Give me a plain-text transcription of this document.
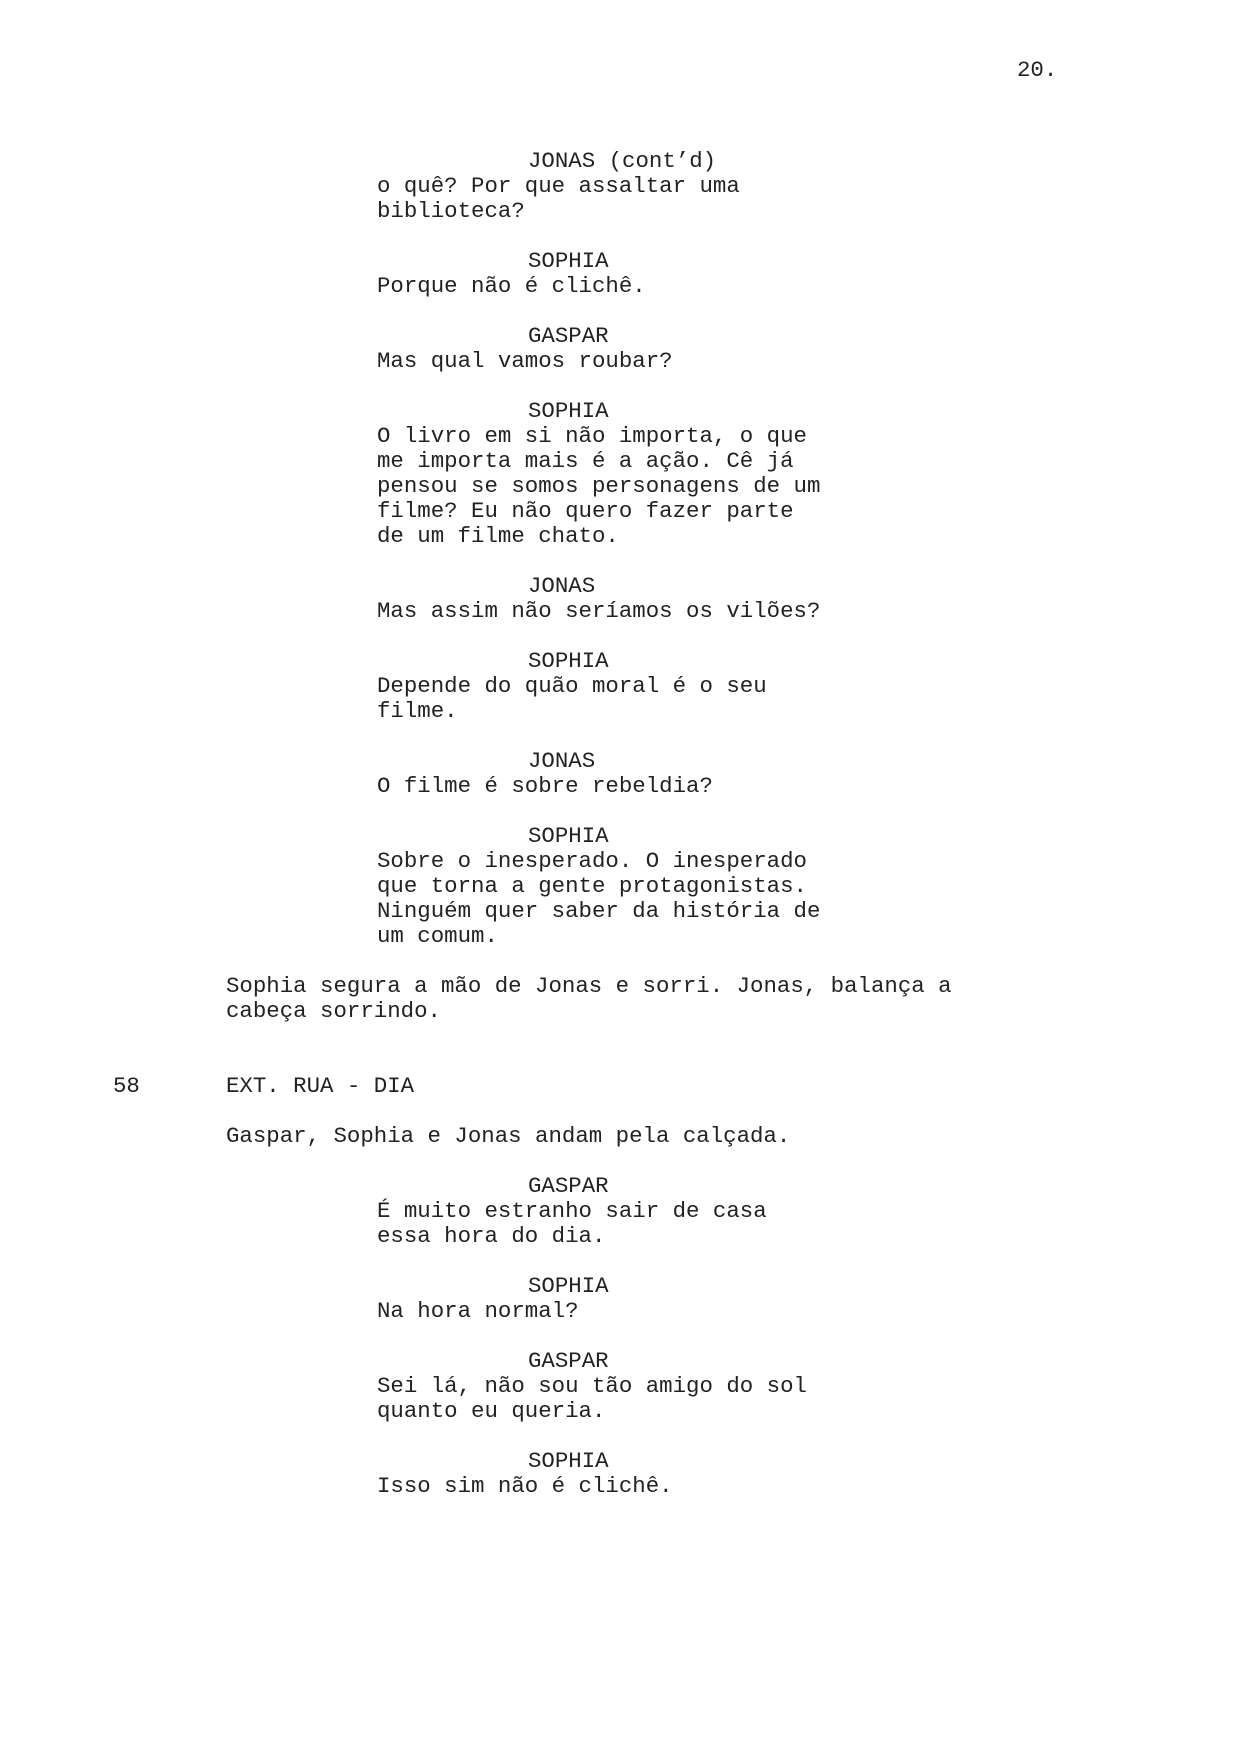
20.
JONAS (cont’d)
o quê? Por que assaltar uma
biblioteca?
SOPHIA
Porque não é clichê.
GASPAR
Mas qual vamos roubar?
SOPHIA
O livro em si não importa, o que
me importa mais é a ação. Cê já
pensou se somos personagens de um
filme? Eu não quero fazer parte
de um filme chato.
JONAS
Mas assim não seríamos os vilões?
SOPHIA
Depende do quão moral é o seu
filme.
JONAS
O filme é sobre rebeldia?
SOPHIA
Sobre o inesperado. O inesperado
que torna a gente protagonistas.
Ninguém quer saber da história de
um comum.
Sophia segura a mão de Jonas e sorri. Jonas, balança a
cabeça sorrindo.
58	EXT. RUA - DIA
Gaspar, Sophia e Jonas andam pela calçada.
GASPAR
É muito estranho sair de casa
essa hora do dia.
SOPHIA
Na hora normal?
GASPAR
Sei lá, não sou tão amigo do sol
quanto eu queria.
SOPHIA
Isso sim não é clichê.
